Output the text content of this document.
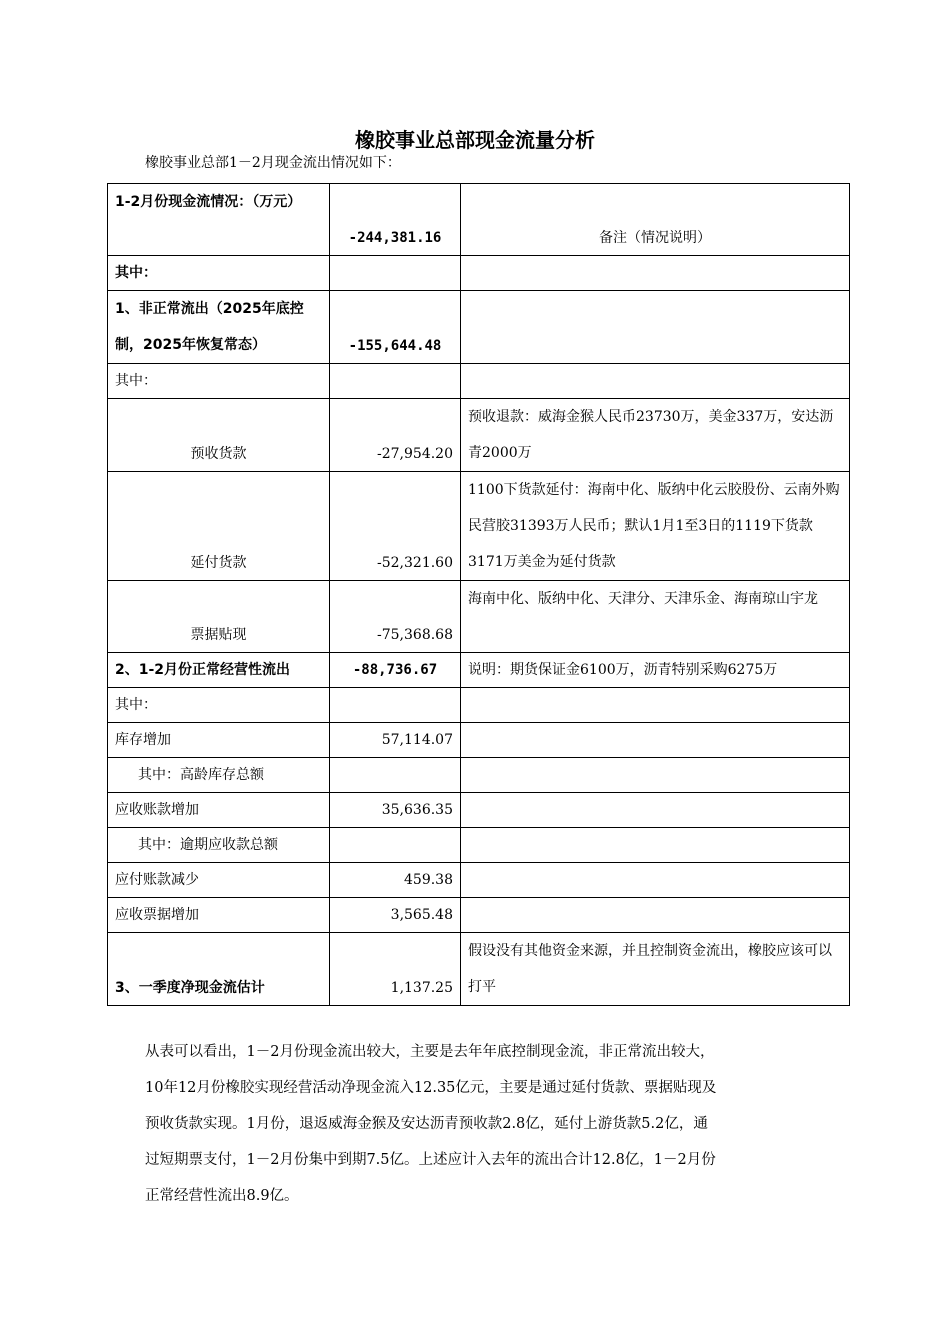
橡胶事业总部现金流量分析
橡胶事业总部1－2月现金流出情况如下：
1-2月份现金流情况：（万元）	-244,381.16	备注（情况说明）
其中：		
1、非正常流出（2025年底控制，2025年恢复常态）	-155,644.48	
其中：		
预收货款	-27,954.20	预收退款：威海金猴人民币23730万，美金337万，安达沥青2000万
延付货款	-52,321.60	1100下货款延付：海南中化、版纳中化云胶股份、云南外购民营胶31393万人民币；默认1月1至3日的1119下货款3171万美金为延付货款
票据贴现	-75,368.68	海南中化、版纳中化、天津分、天津乐金、海南琼山宇龙
2、1-2月份正常经营性流出	-88,736.67	说明：期货保证金6100万，沥青特别采购6275万
其中：		
库存增加	57,114.07	
其中：高龄库存总额		
应收账款增加	35,636.35	
其中：逾期应收款总额		
应付账款减少	459.38	
应收票据增加	3,565.48	
3、一季度净现金流估计	1,137.25	假设没有其他资金来源，并且控制资金流出，橡胶应该可以打平
从表可以看出，1－2月份现金流出较大，主要是去年年底控制现金流，非正常流出较大，
10年12月份橡胶实现经营活动净现金流入12.35亿元，主要是通过延付货款、票据贴现及
预收货款实现。1月份，退返威海金猴及安达沥青预收款2.8亿，延付上游货款5.2亿，通
过短期票支付，1－2月份集中到期7.5亿。上述应计入去年的流出合计12.8亿，1－2月份
正常经营性流出8.9亿。
